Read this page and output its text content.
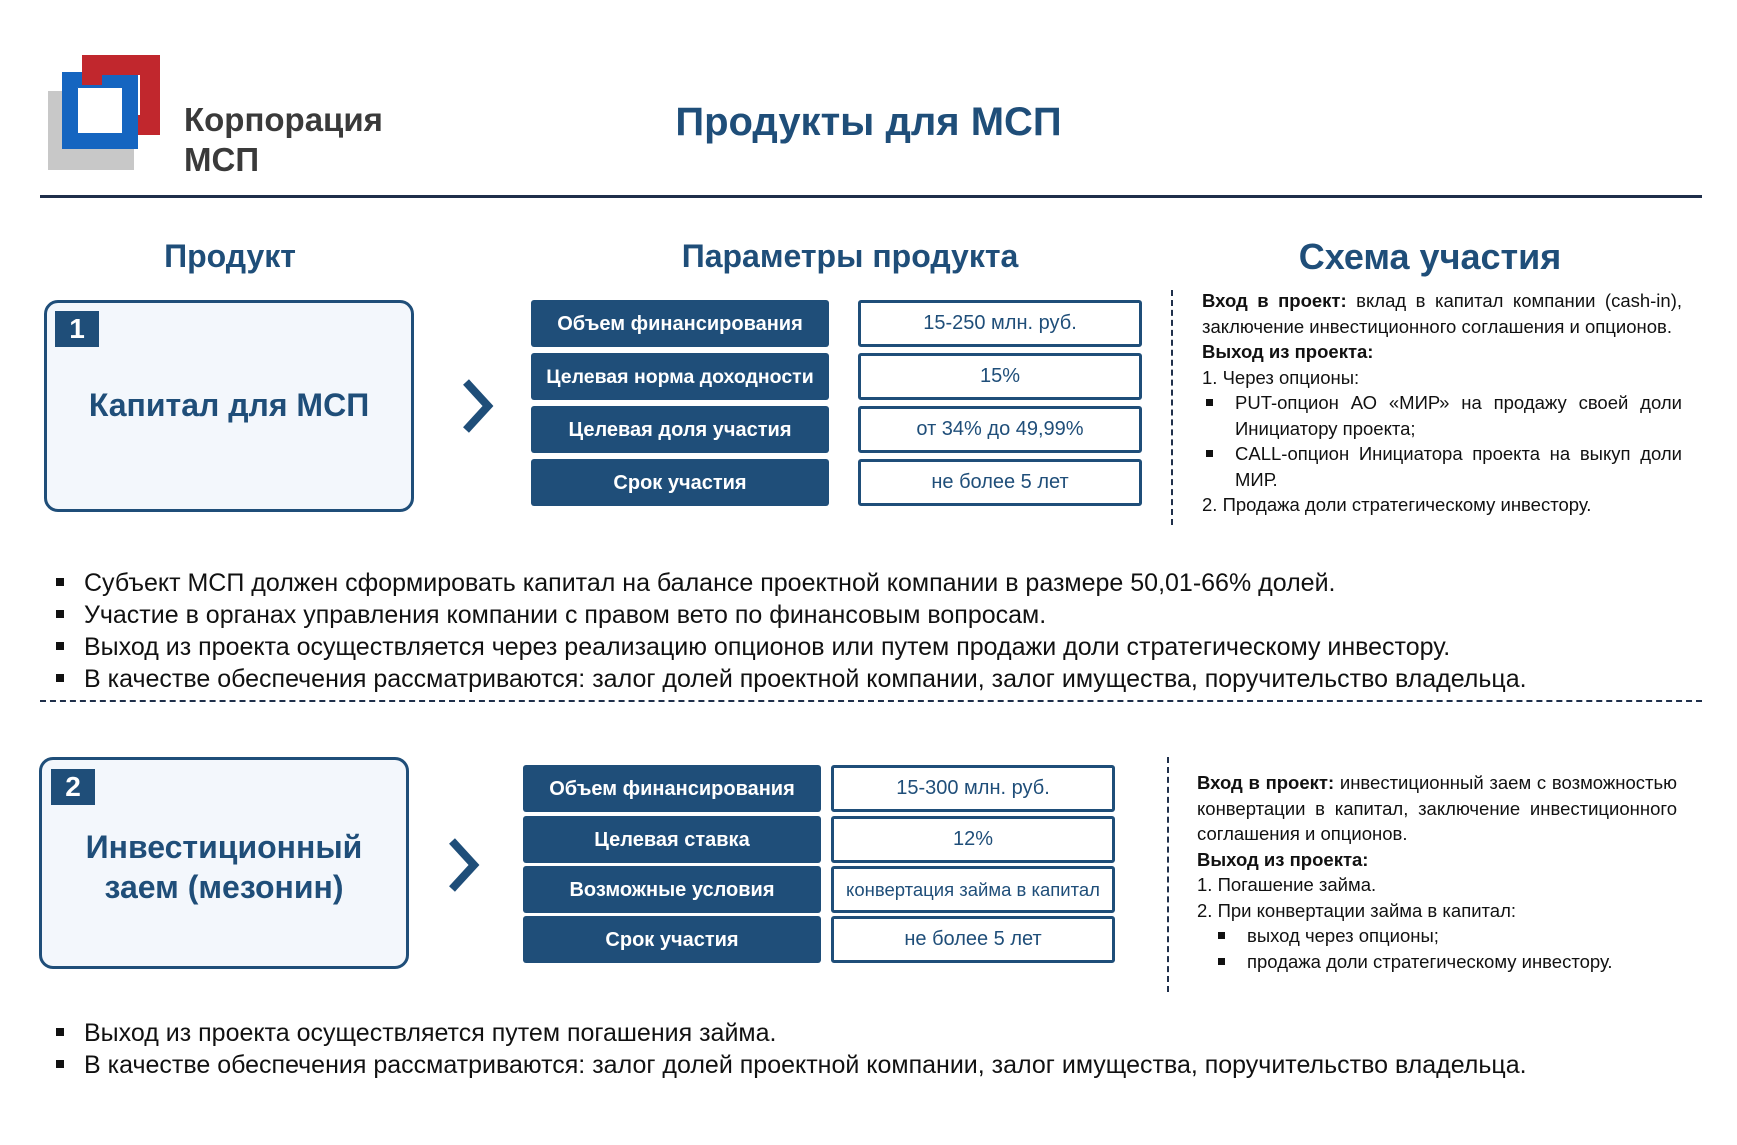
Корпорация
МСП
Продукты для МСП
Продукт	Параметры продукта	Схема участия
1
Капитал для МСП
Объем финансирования	15-250 млн. руб.
Целевая норма доходности	15%
Целевая доля участия	от 34% до 49,99%
Срок участия	не более 5 лет

Вход в проект: вклад в капитал компании (cash-in), заключение инвестиционного соглашения и опционов.

Выход из проекта:

1. Через опционы:

PUT-опцион АО «МИР» на продажу своей доли Инициатору проекта;
CALL-опцион Инициатора проекта на выкуп доли МИР.

2. Продажа доли стратегическому инвестору.

Субъект МСП должен сформировать капитал на балансе проектной компании в размере 50,01-66% долей.
Участие в органах управления компании с правом вето по финансовым вопросам.
Выход из проекта осуществляется через реализацию опционов или путем продажи доли стратегическому инвестору.
В качестве обеспечения рассматриваются: залог долей проектной компании, залог имущества, поручительство владельца.
2
Инвестиционный
заем (мезонин)
Объем финансирования	15-300 млн. руб.
Целевая ставка	12%
Возможные условия	конвертация займа в капитал
Срок участия	не более 5 лет

Вход в проект: инвестиционный заем с возможностью конвертации в капитал, заключение инвестиционного соглашения и опционов.

Выход из проекта:

1. Погашение займа.

2. При конвертации займа в капитал:

выход через опционы;
продажа доли стратегическому инвестору.
Выход из проекта осуществляется путем погашения займа.
В качестве обеспечения рассматриваются: залог долей проектной компании, залог имущества, поручительство владельца.
